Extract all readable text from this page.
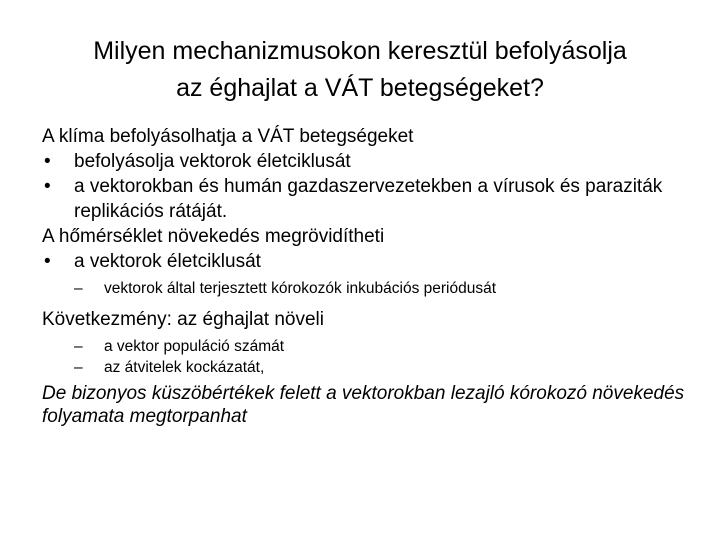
Milyen mechanizmusokon keresztül befolyásolja
az éghajlat a VÁT betegségeket?

A klíma befolyásolhatja a VÁT betegségeket

• befolyásolja vektorok életciklusát

• a vektorokban és humán gazdaszervezetekben a vírusok és paraziták replikációs rátáját.

A hőmérséklet növekedés megrövidítheti

• a vektorok életciklusát

– vektorok által terjesztett kórokozók inkubációs periódusát

Következmény: az éghajlat növeli

– a vektor populáció számát

– az átvitelek kockázatát,

De bizonyos küszöbértékek felett a vektorokban lezajló kórokozó növekedés folyamata megtorpanhat
